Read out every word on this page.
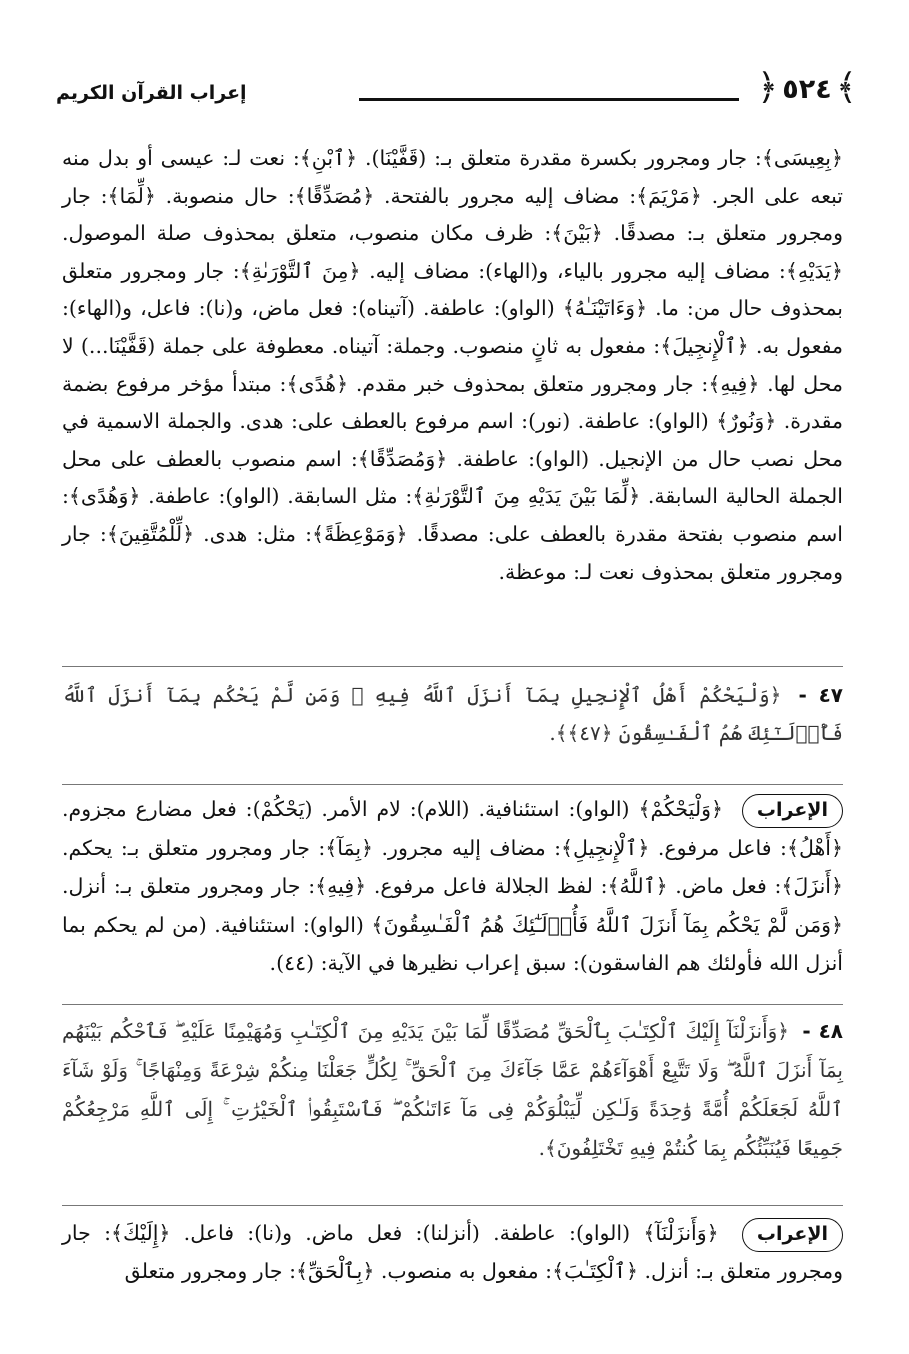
﴾
٥٢٤
﴿
إعراب القرآن الكريم

﴿بِعِيسَى﴾: جار ومجرور بكسرة مقدرة متعلق بـ: (قَفَّيْنَا). ﴿ٱبْنِ﴾: نعت لـ: عيسى أو بدل منه تبعه على الجر. ﴿مَرْيَمَ﴾: مضاف إليه مجرور بالفتحة. ﴿مُصَدِّقًا﴾: حال منصوبة. ﴿لِّمَا﴾: جار ومجرور متعلق بـ: مصدقًا. ﴿بَيْنَ﴾: ظرف مكان منصوب، متعلق بمحذوف صلة الموصول. ﴿يَدَيْهِ﴾: مضاف إليه مجرور بالياء، و(الهاء): مضاف إليه. ﴿مِنَ ٱلتَّوْرَىٰةِ﴾: جار ومجرور متعلق بمحذوف حال من: ما. ﴿وَءَاتَيْنَـٰهُ﴾ (الواو): عاطفة. (آتيناه): فعل ماض، و(نا): فاعل، و(الهاء): مفعول به. ﴿ٱلْإِنجِيلَ﴾: مفعول به ثانٍ منصوب. وجملة: آتيناه. معطوفة على جملة (قَفَّيْنَا...) لا محل لها. ﴿فِيهِ﴾: جار ومجرور متعلق بمحذوف خبر مقدم. ﴿هُدًى﴾: مبتدأ مؤخر مرفوع بضمة مقدرة. ﴿وَنُورٌ﴾ (الواو): عاطفة. (نور): اسم مرفوع بالعطف على: هدى. والجملة الاسمية في محل نصب حال من الإنجيل. (الواو): عاطفة. ﴿وَمُصَدِّقًا﴾: اسم منصوب بالعطف على محل الجملة الحالية السابقة. ﴿لِّمَا بَيْنَ يَدَيْهِ مِنَ ٱلتَّوْرَىٰةِ﴾: مثل السابقة. (الواو): عاطفة. ﴿وَهُدًى﴾: اسم منصوب بفتحة مقدرة بالعطف على: مصدقًا. ﴿وَمَوْعِظَةً﴾: مثل: هدى. ﴿لِّلْمُتَّقِينَ﴾: جار ومجرور متعلق بمحذوف نعت لـ: موعظة.

٤٧ - ﴿وَلْيَحْكُمْ أَهْلُ ٱلْإِنجِيلِ بِمَآ أَنزَلَ ٱللَّهُ فِيهِ ۚ وَمَن لَّمْ يَحْكُم بِمَآ أَنزَلَ ٱللَّهُ فَأُو۟لَـٰٓئِكَ هُمُ ٱلْفَـٰسِقُونَ ﴿٤٧﴾﴾.
الإعراب ﴿وَلْيَحْكُمْ﴾ (الواو): استئنافية. (اللام): لام الأمر. (يَحْكُمْ): فعل مضارع مجزوم. ﴿أَهْلُ﴾: فاعل مرفوع. ﴿ٱلْإِنجِيلِ﴾: مضاف إليه مجرور. ﴿بِمَآ﴾: جار ومجرور متعلق بـ: يحكم. ﴿أَنزَلَ﴾: فعل ماض. ﴿ٱللَّهُ﴾: لفظ الجلالة فاعل مرفوع. ﴿فِيهِ﴾: جار ومجرور متعلق بـ: أنزل. ﴿وَمَن لَّمْ يَحْكُم بِمَآ أَنزَلَ ٱللَّهُ فَأُو۟لَـٰٓئِكَ هُمُ ٱلْفَـٰسِقُونَ﴾ (الواو): استئنافية. (من لم يحكم بما أنزل الله فأولئك هم الفاسقون): سبق إعراب نظيرها في الآية: (٤٤).
٤٨ - ﴿وَأَنزَلْنَآ إِلَيْكَ ٱلْكِتَـٰبَ بِٱلْحَقِّ مُصَدِّقًا لِّمَا بَيْنَ يَدَيْهِ مِنَ ٱلْكِتَـٰبِ وَمُهَيْمِنًا عَلَيْهِ ۖ فَٱحْكُم بَيْنَهُم بِمَآ أَنزَلَ ٱللَّهُ ۖ وَلَا تَتَّبِعْ أَهْوَآءَهُمْ عَمَّا جَآءَكَ مِنَ ٱلْحَقِّ ۚ لِكُلٍّ جَعَلْنَا مِنكُمْ شِرْعَةً وَمِنْهَاجًا ۚ وَلَوْ شَآءَ ٱللَّهُ لَجَعَلَكُمْ أُمَّةً وَٰحِدَةً وَلَـٰكِن لِّيَبْلُوَكُمْ فِى مَآ ءَاتَىٰكُمْ ۖ فَٱسْتَبِقُوا۟ ٱلْخَيْرَٰتِ ۚ إِلَى ٱللَّهِ مَرْجِعُكُمْ جَمِيعًا فَيُنَبِّئُكُم بِمَا كُنتُمْ فِيهِ تَخْتَلِفُونَ﴾.
الإعراب ﴿وَأَنزَلْنَآ﴾ (الواو): عاطفة. (أنزلنا): فعل ماض. و(نا): فاعل. ﴿إِلَيْكَ﴾: جار ومجرور متعلق بـ: أنزل. ﴿ٱلْكِتَـٰبَ﴾: مفعول به منصوب. ﴿بِٱلْحَقِّ﴾: جار ومجرور متعلق
